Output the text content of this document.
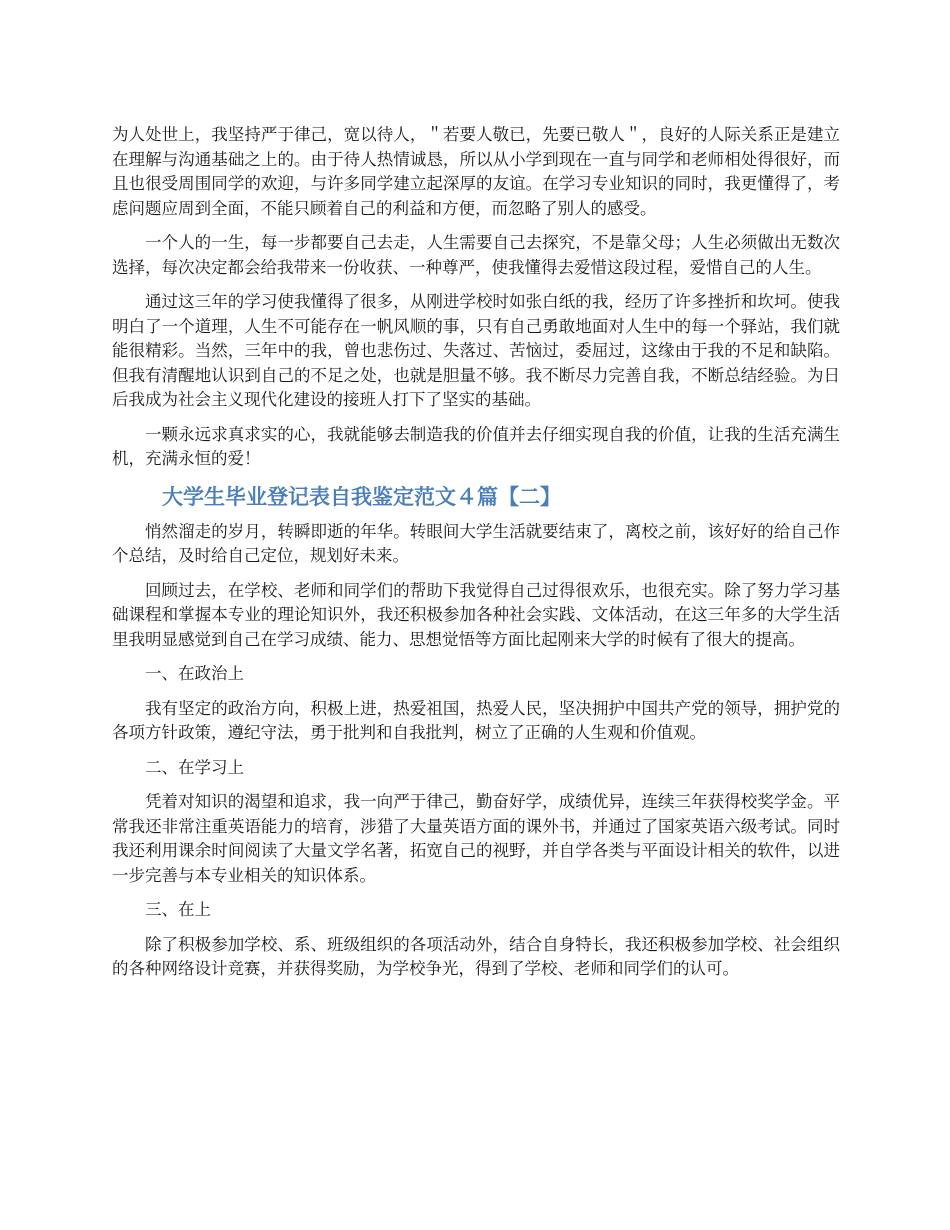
为人处世上，我坚持严于律己，宽以待人，＂若要人敬已，先要已敬人＂，良好的人际关系正是建立在理解与沟通基础之上的。由于待人热情诚恳，所以从小学到现在一直与同学和老师相处得很好，而且也很受周围同学的欢迎，与许多同学建立起深厚的友谊。在学习专业知识的同时，我更懂得了，考虑问题应周到全面，不能只顾着自己的利益和方便，而忽略了别人的感受。

一个人的一生，每一步都要自己去走，人生需要自己去探究，不是靠父母；人生必须做出无数次选择，每次决定都会给我带来一份收获、一种尊严，使我懂得去爱惜这段过程，爱惜自己的人生。

通过这三年的学习使我懂得了很多，从刚进学校时如张白纸的我，经历了许多挫折和坎坷。使我明白了一个道理，人生不可能存在一帆风顺的事，只有自己勇敢地面对人生中的每一个驿站，我们就能很精彩。当然，三年中的我，曾也悲伤过、失落过、苦恼过，委屈过，这缘由于我的不足和缺陷。但我有清醒地认识到自己的不足之处，也就是胆量不够。我不断尽力完善自我，不断总结经验。为日后我成为社会主义现代化建设的接班人打下了坚实的基础。

一颗永远求真求实的心，我就能够去制造我的价值并去仔细实现自我的价值，让我的生活充满生机，充满永恒的爱！

大学生毕业登记表自我鉴定范文４篇【二】

悄然溜走的岁月，转瞬即逝的年华。转眼间大学生活就要结束了，离校之前，该好好的给自己作个总结，及时给自己定位，规划好未来。

回顾过去，在学校、老师和同学们的帮助下我觉得自己过得很欢乐，也很充实。除了努力学习基础课程和掌握本专业的理论知识外，我还积极参加各种社会实践、文体活动，在这三年多的大学生活里我明显感觉到自己在学习成绩、能力、思想觉悟等方面比起刚来大学的时候有了很大的提高。

一、在政治上

我有坚定的政治方向，积极上进，热爱祖国，热爱人民，坚决拥护中国共产党的领导，拥护党的各项方针政策，遵纪守法，勇于批判和自我批判，树立了正确的人生观和价值观。

二、在学习上

凭着对知识的渴望和追求，我一向严于律己，勤奋好学，成绩优异，连续三年获得校奖学金。平常我还非常注重英语能力的培育，涉猎了大量英语方面的课外书，并通过了国家英语六级考试。同时我还利用课余时间阅读了大量文学名著，拓宽自己的视野，并自学各类与平面设计相关的软件，以进一步完善与本专业相关的知识体系。

三、在上

除了积极参加学校、系、班级组织的各项活动外，结合自身特长，我还积极参加学校、社会组织的各种网络设计竞赛，并获得奖励，为学校争光，得到了学校、老师和同学们的认可。
